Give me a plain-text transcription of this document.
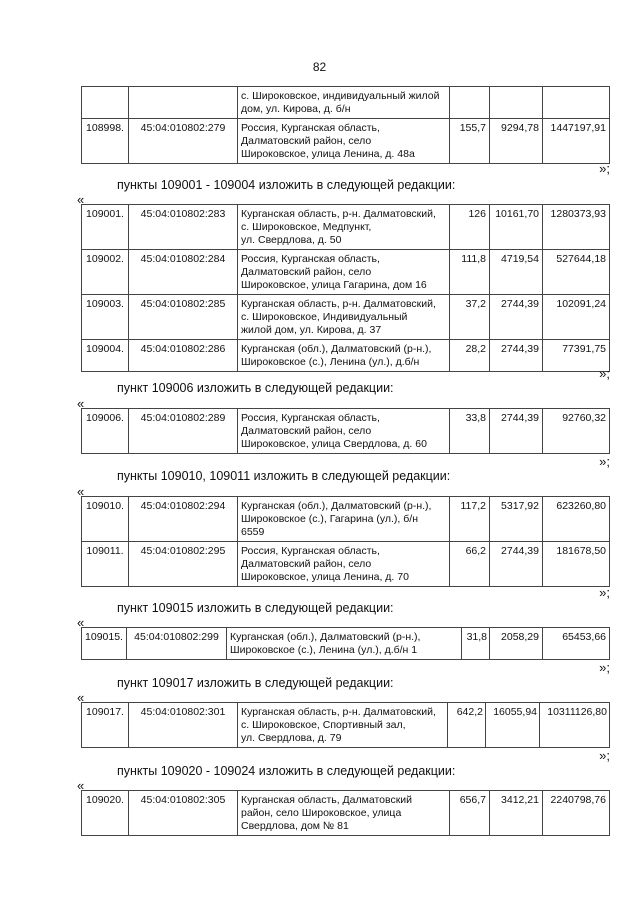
82

		с. Широковское, индивидуальный жилой
дом, ул. Кирова, д. б/н			

108998.	45:04:010802:279	Россия, Курганская область,
Далматовский район, село
Широковское, улица Ленина, д. 48а	155,7	9294,78	1447197,91
»;
пункты 109001 - 109004 изложить в следующей редакции:
«
109001.	45:04:010802:283	Курганская область, р-н. Далматовский,
с. Широковское, Медпункт,
ул. Свердлова, д. 50	126	10161,70	1280373,93
109002.	45:04:010802:284	Россия, Курганская область,
Далматовский район, село
Широковское, улица Гагарина, дом 16	111,8	4719,54	527644,18
109003.	45:04:010802:285	Курганская область, р-н. Далматовский,
с. Широковское, Индивидуальный
жилой дом, ул. Кирова, д. 37	37,2	2744,39	102091,24
109004.	45:04:010802:286	Курганская (обл.), Далматовский (р-н.),
Широковское (с.), Ленина (ул.), д.б/н	28,2	2744,39	77391,75
»;
пункт 109006 изложить в следующей редакции:
«
109006.	45:04:010802:289	Россия, Курганская область,
Далматовский район, село
Широковское, улица Свердлова, д. 60
	33,8	2744,39	92760,32
»;
пункты 109010, 109011 изложить в следующей редакции:
«
109010.	45:04:010802:294	Курганская (обл.), Далматовский (р-н.),
Широковское (с.), Гагарина (ул.), б/н
6559	117,2	5317,92	623260,80
109011.	45:04:010802:295	Россия, Курганская область,
Далматовский район, село
Широковское, улица Ленина, д. 70	66,2	2744,39	181678,50
»;
пункт 109015 изложить в следующей редакции:
«
109015.	45:04:010802:299	Курганская (обл.), Далматовский (р-н.),
Широковское (с.), Ленина (ул.), д.б/н 1
	31,8	2058,29	65453,66
»;
пункт 109017 изложить в следующей редакции:
«
109017.	45:04:010802:301	Курганская область, р-н. Далматовский,
с. Широковское, Спортивный зал,
ул. Свердлова, д. 79
	642,2	16055,94	10311126,80
»;
пункты 109020 - 109024 изложить в следующей редакции:
«
109020.	45:04:010802:305	Курганская область, Далматовский
район, село Широковское, улица
Свердлова, дом № 81
	656,7	3412,21	2240798,76
